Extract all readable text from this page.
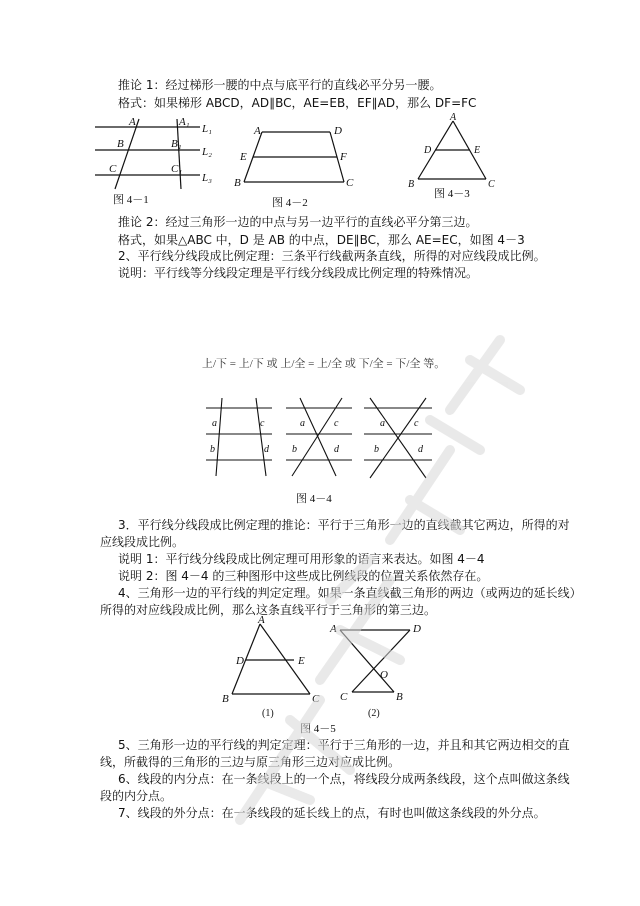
推论 1：经过梯形一腰的中点与底平行的直线必平分另一腰。
格式：如果梯形 ABCD，AD∥BC，AE=EB，EF∥AD，那么 DF=FC
A	A₁
L₁
B	B₁
L₂
C	C₁
L₃
图 4－1
A	D
E	F
B	C
图 4－2
A
D	E
B	C
图 4－3
推论 2：经过三角形一边的中点与另一边平行的直线必平分第三边。
格式，如果△ABC 中，D 是 AB 的中点，DE∥BC，那么 AE=EC，如图 4－3
2、平行线分线段成比例定理：三条平行线截两条直线，所得的对应线段成比例。
说明：平行线等分线段定理是平行线分线段成比例定理的特殊情况。
上/下 = 上/下 或 上/全 = 上/全 或 下/全 = 下/全 等。
a	c
b	d
a	c
b	d
a	c
b	d
图 4－4
3．平行线分线段成比例定理的推论：平行于三角形一边的直线截其它两边，所得的对
应线段成比例。
说明 1：平行线分线段成比例定理可用形象的语言来表达。如图 4－4
说明 2：图 4－4 的三种图形中这些成比例线段的位置关系依然存在。
4、三角形一边的平行线的判定定理。如果一条直线截三角形的两边（或两边的延长线）
所得的对应线段成比例，那么这条直线平行于三角形的第三边。
A
D	E
B	C
A	D
O
C	B
(1)	(2)
图 4－5
5、三角形一边的平行线的判定定理：平行于三角形的一边，并且和其它两边相交的直
线，所截得的三角形的三边与原三角形三边对应成比例。
6、线段的内分点：在一条线段上的一个点，将线段分成两条线段，这个点叫做这条线
段的内分点。
7、线段的外分点：在一条线段的延长线上的点，有时也叫做这条线段的外分点。
